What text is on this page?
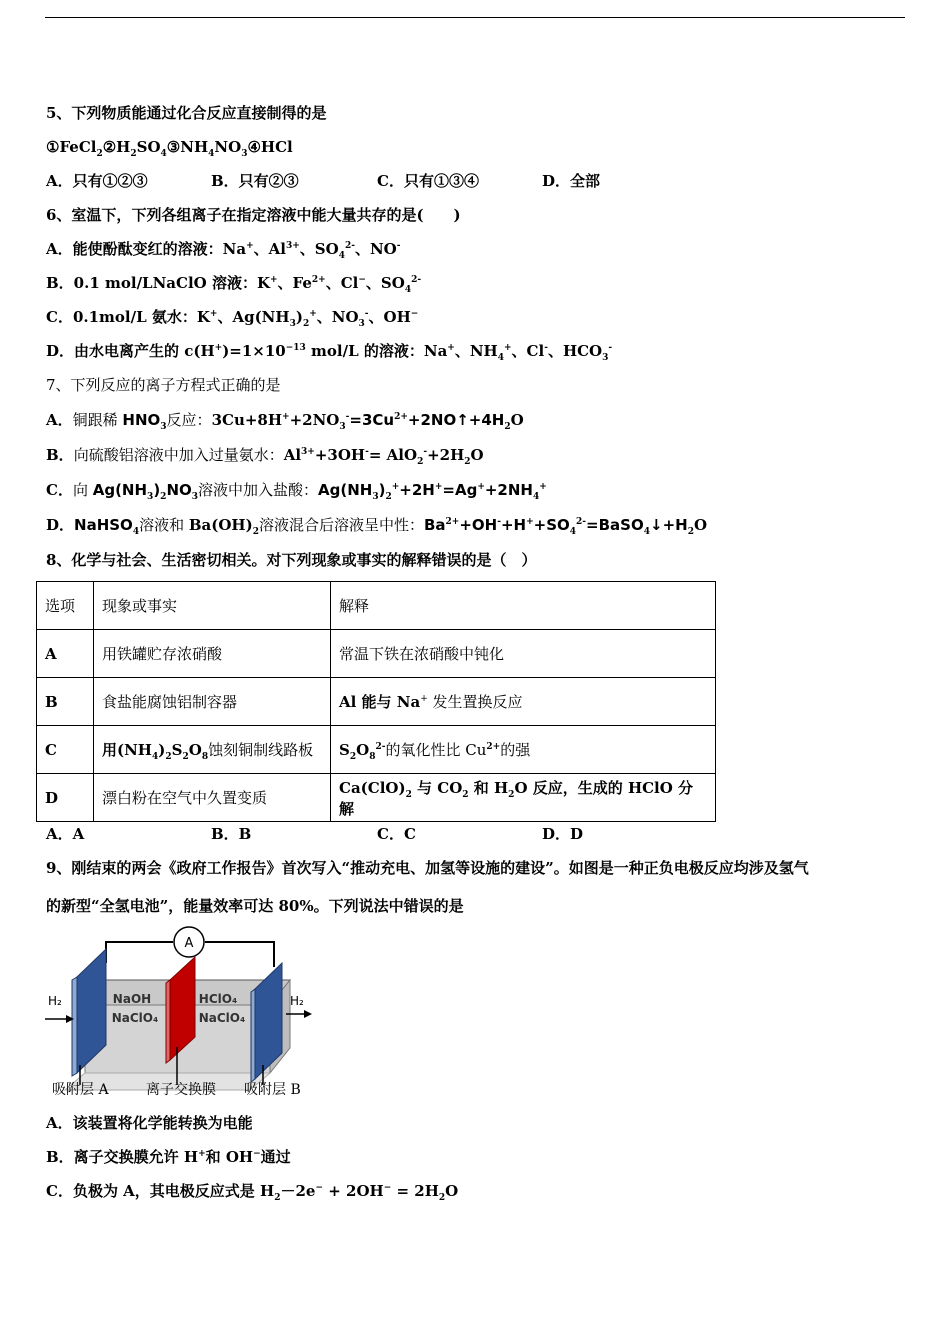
5、下列物质能通过化合反应直接制得的是
$①FeCl_2②H_2SO_4③NH_4NO_3④HCl$
A．只有①②③	B．只有②③	C．只有①③④	D．全部
6、室温下，下列各组离子在指定溶液中能大量共存的是(　　)
A．能使酚酞变红的溶液：Na+、$Al^{3+}$、$SO_4^{2-}$、NO-
B．0.1 mol/LNaClO 溶液：K+、$Fe^{2+}$、Cl−、$SO_4^{2-}$
C．0.1mol/L 氨水：K+、$Ag(NH_3)_2^+$、$NO_3^-$、OH−
D．由水电离产生的 $c(H^+)=1\times 10^{-13}$ mol/L 的溶液：Na+、$NH_4^+$、Cl-、$HCO_3^-$
7、下列反应的离子方程式正确的是
A．铜跟稀 $HNO_3$反应：$3Cu+8H^++2NO_3^-=3Cu^{2+}+2NO↑+4H_2O$
B．向硫酸铝溶液中加入过量氨水：$Al^{3+}+3OH^-= AlO_2^-+2H_2O$
C．向 $Ag(NH_3)_2NO_3$溶液中加入盐酸：$Ag(NH_3)_2^++2H^+=Ag^++2NH_4^+$
D．NaHSO$_4$溶液和 $Ba(OH)_2$溶液混合后溶液呈中性：$Ba^{2+}+OH^-+H^++SO_4^{2-}=BaSO_4↓+H_2O$
8、化学与社会、生活密切相关。对下列现象或事实的解释错误的是（　）
选项	现象或事实	解释
A	用铁罐贮存浓硝酸	常温下铁在浓硝酸中钝化
B	食盐能腐蚀铝制容器	Al 能与 Na+ 发生置换反应
C	用$(NH_4)_2S_2O_8$蚀刻铜制线路板	$S_2O_8^{2-}$的氧化性比 $Cu^{2+}$的强
D	漂白粉在空气中久置变质	$Ca(ClO)_2$ 与 $CO_2$ 和 $H_2O$ 反应，生成的 HClO 分解
A．A	B．B	C．C	D．D
9、刚结束的两会《政府工作报告》首次写入“推动充电、加氢等设施的建设”。如图是一种正负电极反应均涉及氢气
的新型“全氢电池”，能量效率可达 80%。下列说法中错误的是
A
NaOH
NaClO₄
HClO₄
NaClO₄
H₂	H₂
吸附层 A	离子交换膜 吸附层 B
A．该装置将化学能转换为电能
B．离子交换膜允许 H+和 OH−通过
C．负极为 A，其电极反应式是 $H_2-2e^- + 2OH^- = 2H_2O$
